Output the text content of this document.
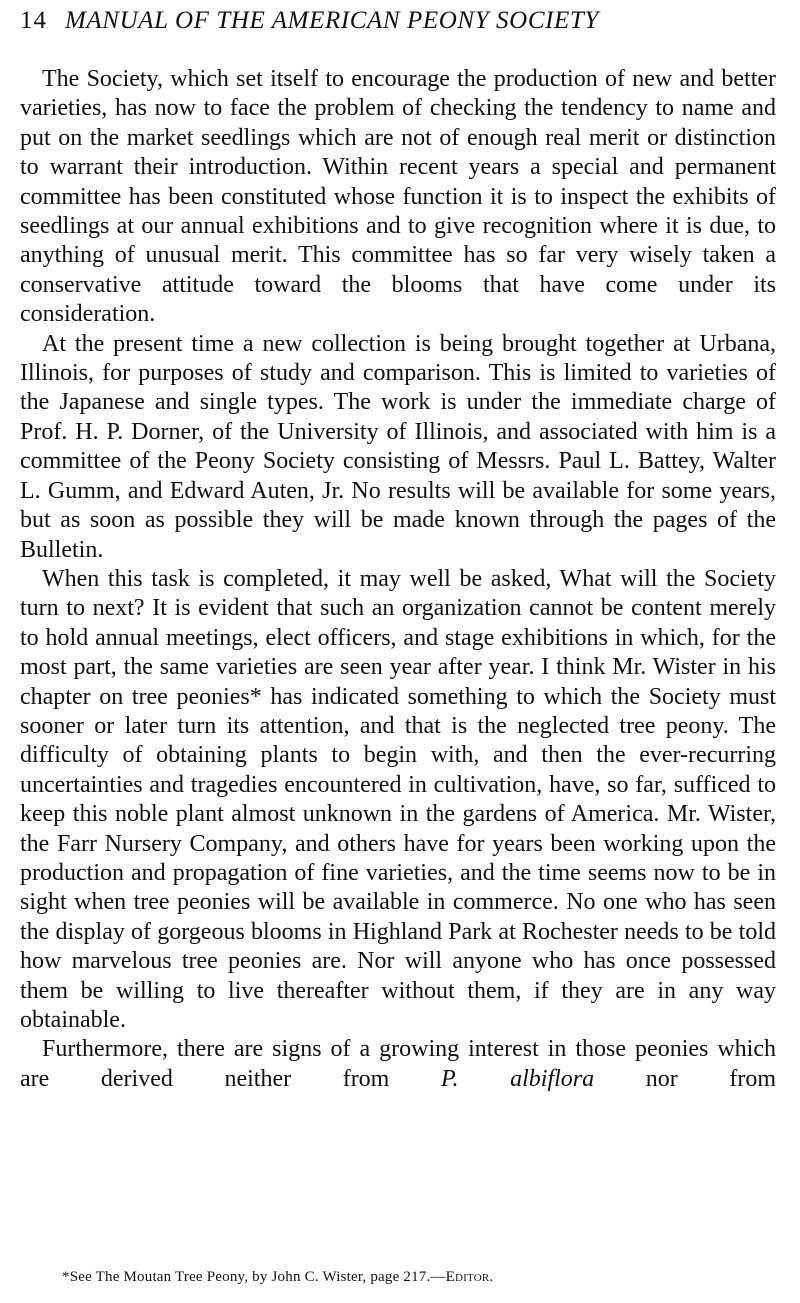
14 MANUAL OF THE AMERICAN PEONY SOCIETY

The Society, which set itself to encourage the production of new and better varieties, has now to face the problem of checking the tendency to name and put on the market seedlings which are not of enough real merit or distinction to warrant their introduction. Within recent years a special and permanent committee has been constituted whose function it is to inspect the exhibits of seedlings at our annual exhibitions and to give recognition where it is due, to anything of unusual merit. This committee has so far very wisely taken a conservative attitude toward the blooms that have come under its consideration.

At the present time a new collection is being brought together at Urbana, Illinois, for purposes of study and comparison. This is limited to varieties of the Japanese and single types. The work is under the immediate charge of Prof. H. P. Dorner, of the University of Illinois, and associated with him is a committee of the Peony Society consisting of Messrs. Paul L. Battey, Walter L. Gumm, and Edward Auten, Jr. No results will be available for some years, but as soon as possible they will be made known through the pages of the Bulletin.

When this task is completed, it may well be asked, What will the Society turn to next? It is evident that such an organization cannot be content merely to hold annual meetings, elect officers, and stage exhibitions in which, for the most part, the same varieties are seen year after year. I think Mr. Wister in his chapter on tree peonies* has indicated something to which the Society must sooner or later turn its attention, and that is the neglected tree peony. The difficulty of obtaining plants to begin with, and then the ever-recurring uncertainties and tragedies encountered in cultivation, have, so far, sufficed to keep this noble plant almost unknown in the gardens of America. Mr. Wister, the Farr Nursery Company, and others have for years been working upon the production and propagation of fine varieties, and the time seems now to be in sight when tree peonies will be available in commerce. No one who has seen the display of gorgeous blooms in Highland Park at Rochester needs to be told how marvelous tree peonies are. Nor will anyone who has once possessed them be willing to live thereafter without them, if they are in any way obtainable.

Furthermore, there are signs of a growing interest in those peonies which are derived neither from P. albiflora nor from

*See The Moutan Tree Peony, by John C. Wister, page 217.—Editor.
